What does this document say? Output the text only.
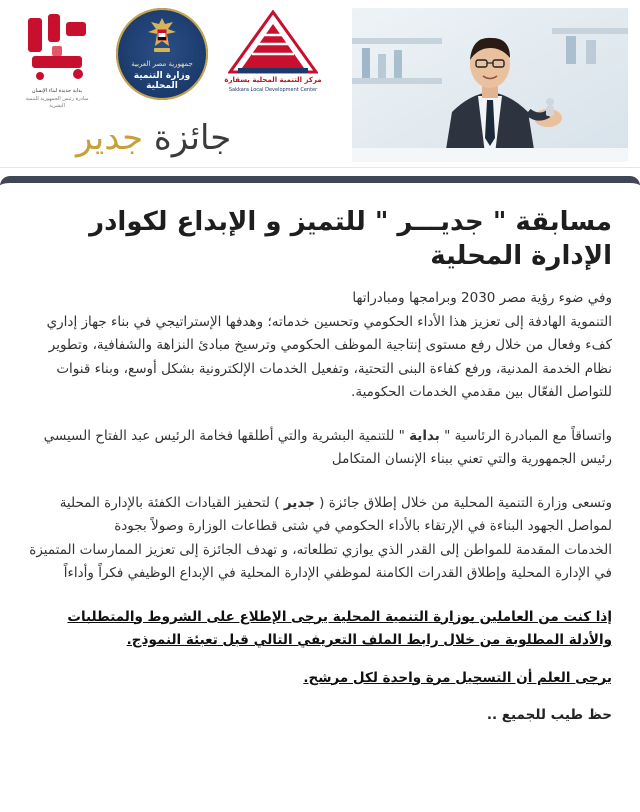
بداية جديدة لبناء الإنسان
مبادرة رئيس الجمهورية للتنمية البشرية
جمهورية مصر العربية
وزارة التنمية المحلية
مركز التنمية المحلية بسقارة
Sakkara Local Development Center
جائزة جدير
مسابقة " جديـــر " للتميز و الإبداع لكوادر الإدارة المحلية

وفي ضوء رؤية مصر 2030 وبرامجها ومبادراتها

التنموية الهادفة إلى تعزيز هذا الأداء الحكومي وتحسين خدماته؛ وهدفها الإستراتيجي في بناء جهاز إداري كفء وفعال من خلال رفع مستوى إنتاجية الموظف الحكومي وترسيخ مبادئ النزاهة والشفافية، وتطوير نظام الخدمة المدنية، ورفع كفاءة البنى التحتية، وتفعيل الخدمات الإلكترونية بشكل أوسع، وبناء قنوات للتواصل الفعّال بين مقدمي الخدمات الحكومية.

واتساقاً مع المبادرة الرئاسية " بداية " للتنمية البشرية والتي أطلقها فخامة الرئيس عبد الفتاح السيسي رئيس الجمهورية والتي تعني ببناء الإنسان المتكامل

وتسعى وزارة التنمية المحلية من خلال إطلاق جائزة ( جدير ) لتحفيز القيادات الكفئة بالإدارة المحلية لمواصل الجهود البناءة في الإرتقاء بالأداء الحكومي في شتى قطاعات الوزارة وصولاً بجودة

الخدمات المقدمة للمواطن إلى القدر الذي يوازي تطلعاته، و تهدف الجائزة إلى تعزيز الممارسات المتميزة في الإدارة المحلية وإطلاق القدرات الكامنة لموظفي الإدارة المحلية في الإبداع الوظيفي فكراً وأداءاً

إذا كنت من العاملين بوزارة التنمية المحلية يرجى الإطلاع على الشروط والمتطلبات والأدلة المطلوبة من خلال رابط الملف التعريفي التالي قبل تعبئة النموذج.

يرجى العلم أن التسجيل مرة واحدة لكل مرشح.

حظ طيب للجميع ..
